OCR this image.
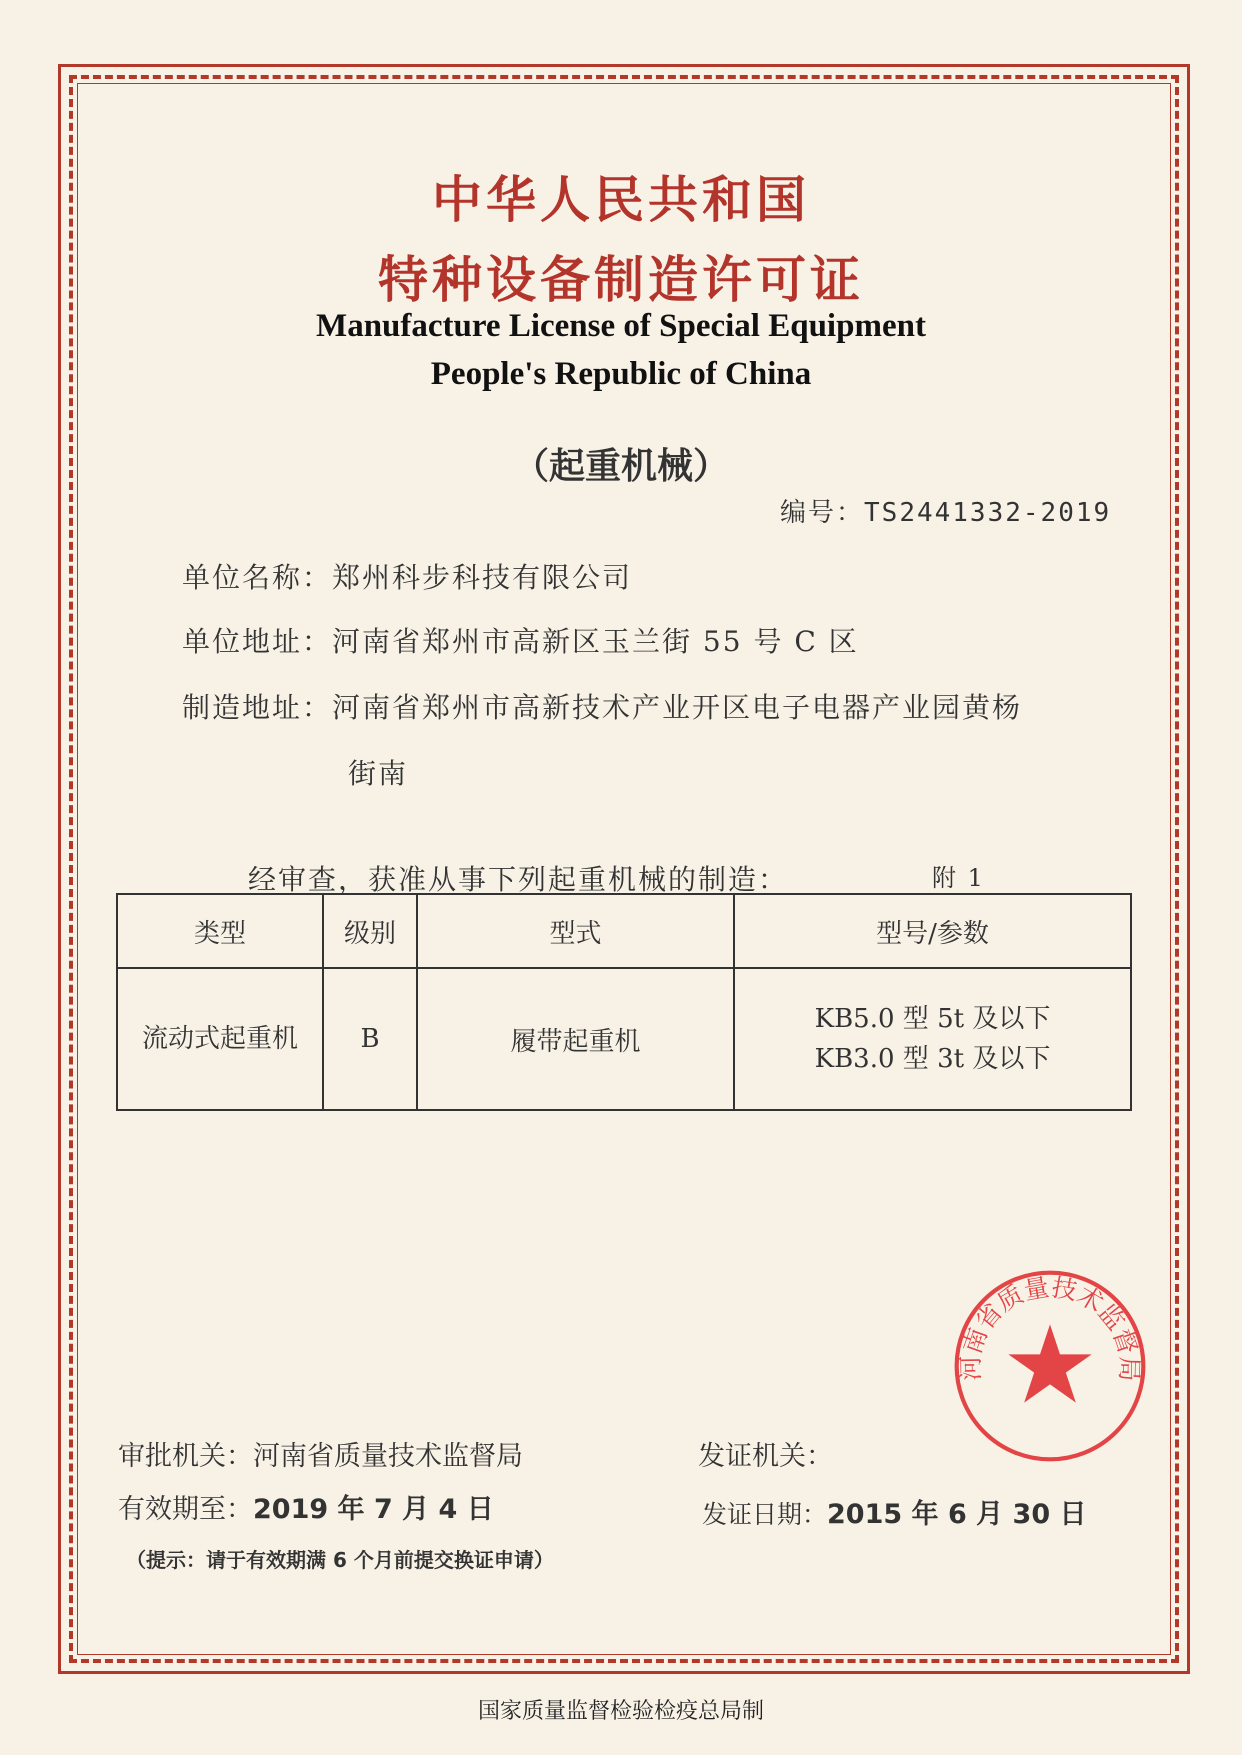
中华人民共和国
特种设备制造许可证
Manufacture License of Special Equipment
People's Republic of China
（起重机械）
编号：TS2441332-2019
单位名称：郑州科步科技有限公司
单位地址：河南省郑州市高新区玉兰街 55 号 C 区
制造地址：河南省郑州市高新技术产业开区电子电器产业园黄杨
街南
经审查，获准从事下列起重机械的制造：	附 1
类型	级别	型式	型号/参数
流动式起重机	B	履带起重机	KB5.0 型 5t 及以下
KB3.0 型 3t 及以下
审批机关：河南省质量技术监督局
有效期至：2019 年 7 月 4 日
（提示：请于有效期满 6 个月前提交换证申请）
发证机关：
发证日期：2015 年 6 月 30 日
河南省质量技术监督局
国家质量监督检验检疫总局制
